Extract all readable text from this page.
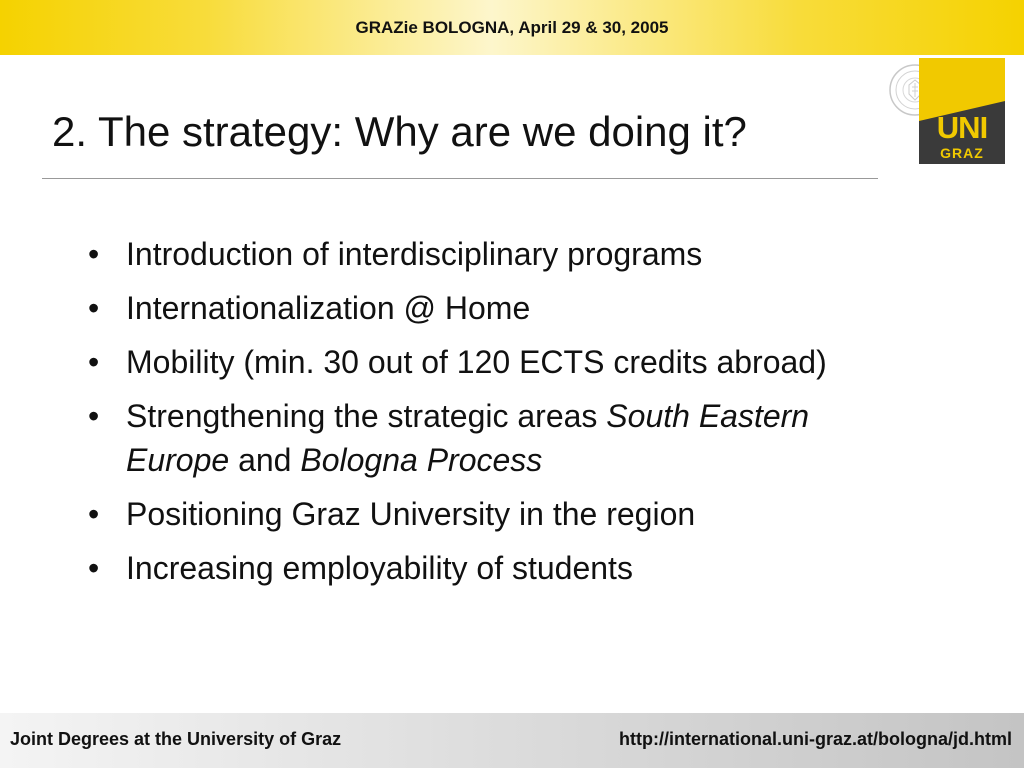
GRAZie BOLOGNA, April 29 & 30, 2005
2. The strategy: Why are we doing it?	UNI
GRAZ
• Introduction of interdisciplinary programs
• Internationalization @ Home
• Mobility (min. 30 out of 120 ECTS credits abroad)
• Strengthening the strategic areas South Eastern Europe and Bologna Process
• Positioning Graz University in the region
• Increasing employability of students
Joint Degrees at the University of Graz	http://international.uni-graz.at/bologna/jd.html
